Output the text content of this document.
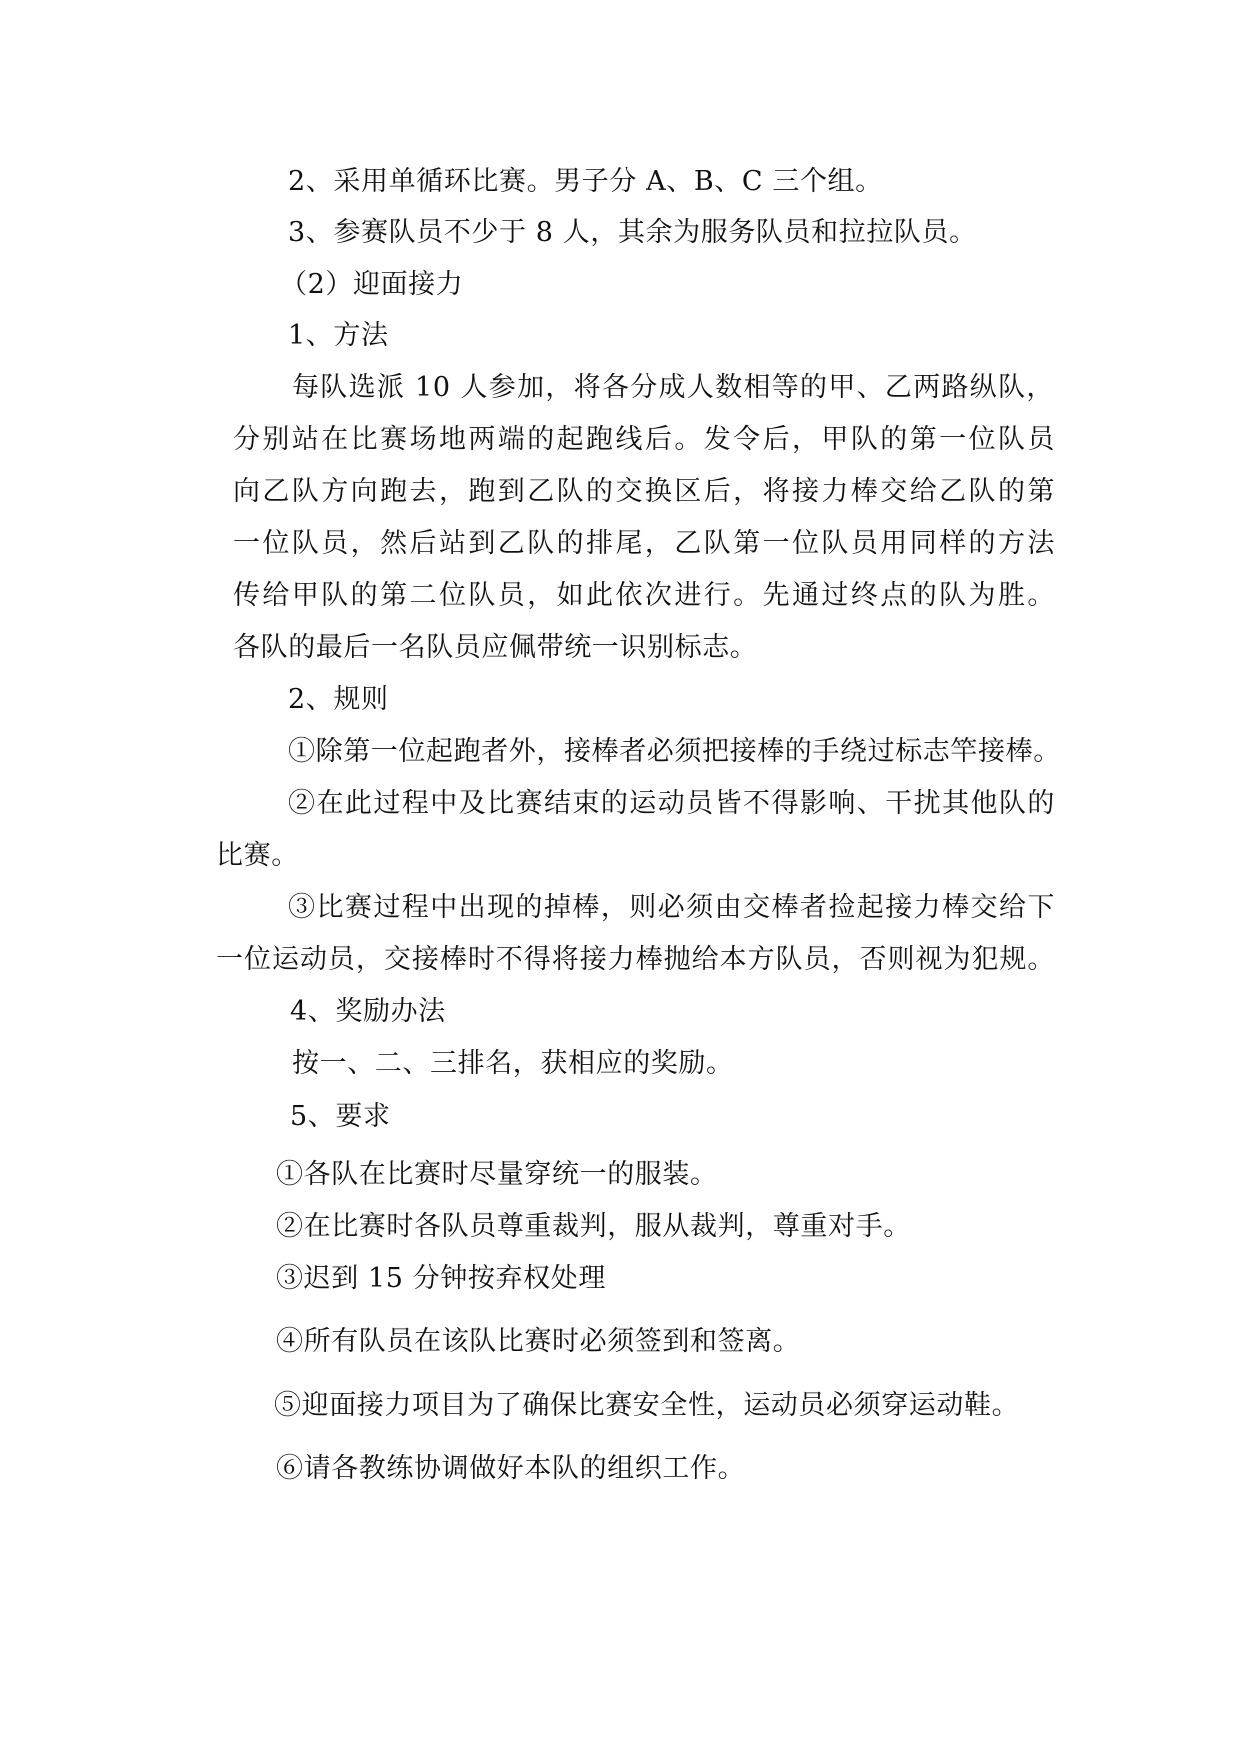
2、采用单循环比赛。男子分 A、B、C 三个组。
3、参赛队员不少于 8 人，其余为服务队员和拉拉队员。
（2）迎面接力
1、方法
每队选派 10 人参加，将各分成人数相等的甲、乙两路纵队，
分别站在比赛场地两端的起跑线后。发令后，甲队的第一位队员
向乙队方向跑去，跑到乙队的交换区后，将接力棒交给乙队的第
一位队员，然后站到乙队的排尾，乙队第一位队员用同样的方法
传给甲队的第二位队员，如此依次进行。先通过终点的队为胜。
各队的最后一名队员应佩带统一识别标志。
2、规则
①除第一位起跑者外，接棒者必须把接棒的手绕过标志竿接棒。
②在此过程中及比赛结束的运动员皆不得影响、干扰其他队的
比赛。
③比赛过程中出现的掉棒，则必须由交棒者捡起接力棒交给下
一位运动员，交接棒时不得将接力棒抛给本方队员，否则视为犯规。
4、奖励办法
按一、二、三排名，获相应的奖励。
5、要求
①各队在比赛时尽量穿统一的服装。
②在比赛时各队员尊重裁判，服从裁判，尊重对手。
③迟到 15 分钟按弃权处理
④所有队员在该队比赛时必须签到和签离。
⑤迎面接力项目为了确保比赛安全性，运动员必须穿运动鞋。
⑥请各教练协调做好本队的组织工作。
